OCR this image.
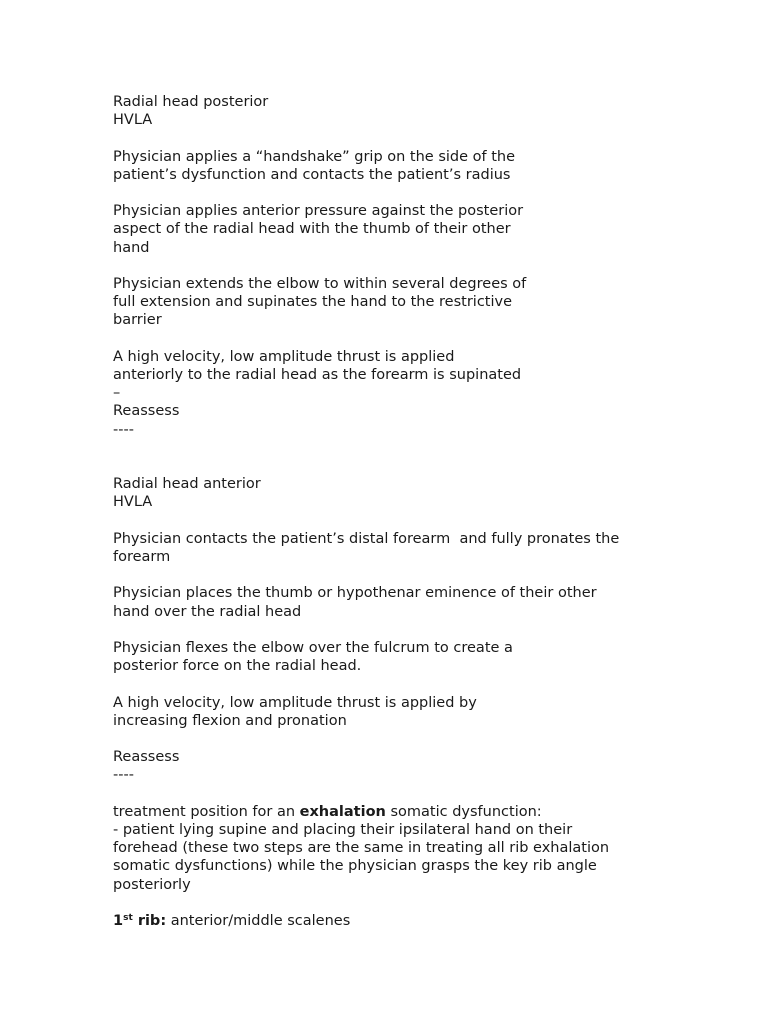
Radial head posterior
HVLA
Physician applies a “handshake” grip on the side of the
patient’s dysfunction and contacts the patient’s radius
Physician applies anterior pressure against the posterior
aspect of the radial head with the thumb of their other
hand
Physician extends the elbow to within several degrees of
full extension and supinates the hand to the restrictive
barrier
A high velocity, low amplitude thrust is applied
anteriorly to the radial head as the forearm is supinated
–
Reassess
----
Radial head anterior
HVLA
Physician contacts the patient’s distal forearm  and fully pronates the
forearm
Physician places the thumb or hypothenar eminence of their other
hand over the radial head
Physician flexes the elbow over the fulcrum to create a
posterior force on the radial head.
A high velocity, low amplitude thrust is applied by
increasing flexion and pronation
Reassess
----
treatment position for an exhalation somatic dysfunction:
- patient lying supine and placing their ipsilateral hand on their
forehead (these two steps are the same in treating all rib exhalation
somatic dysfunctions) while the physician grasps the key rib angle
posteriorly
1st rib: anterior/middle scalenes
